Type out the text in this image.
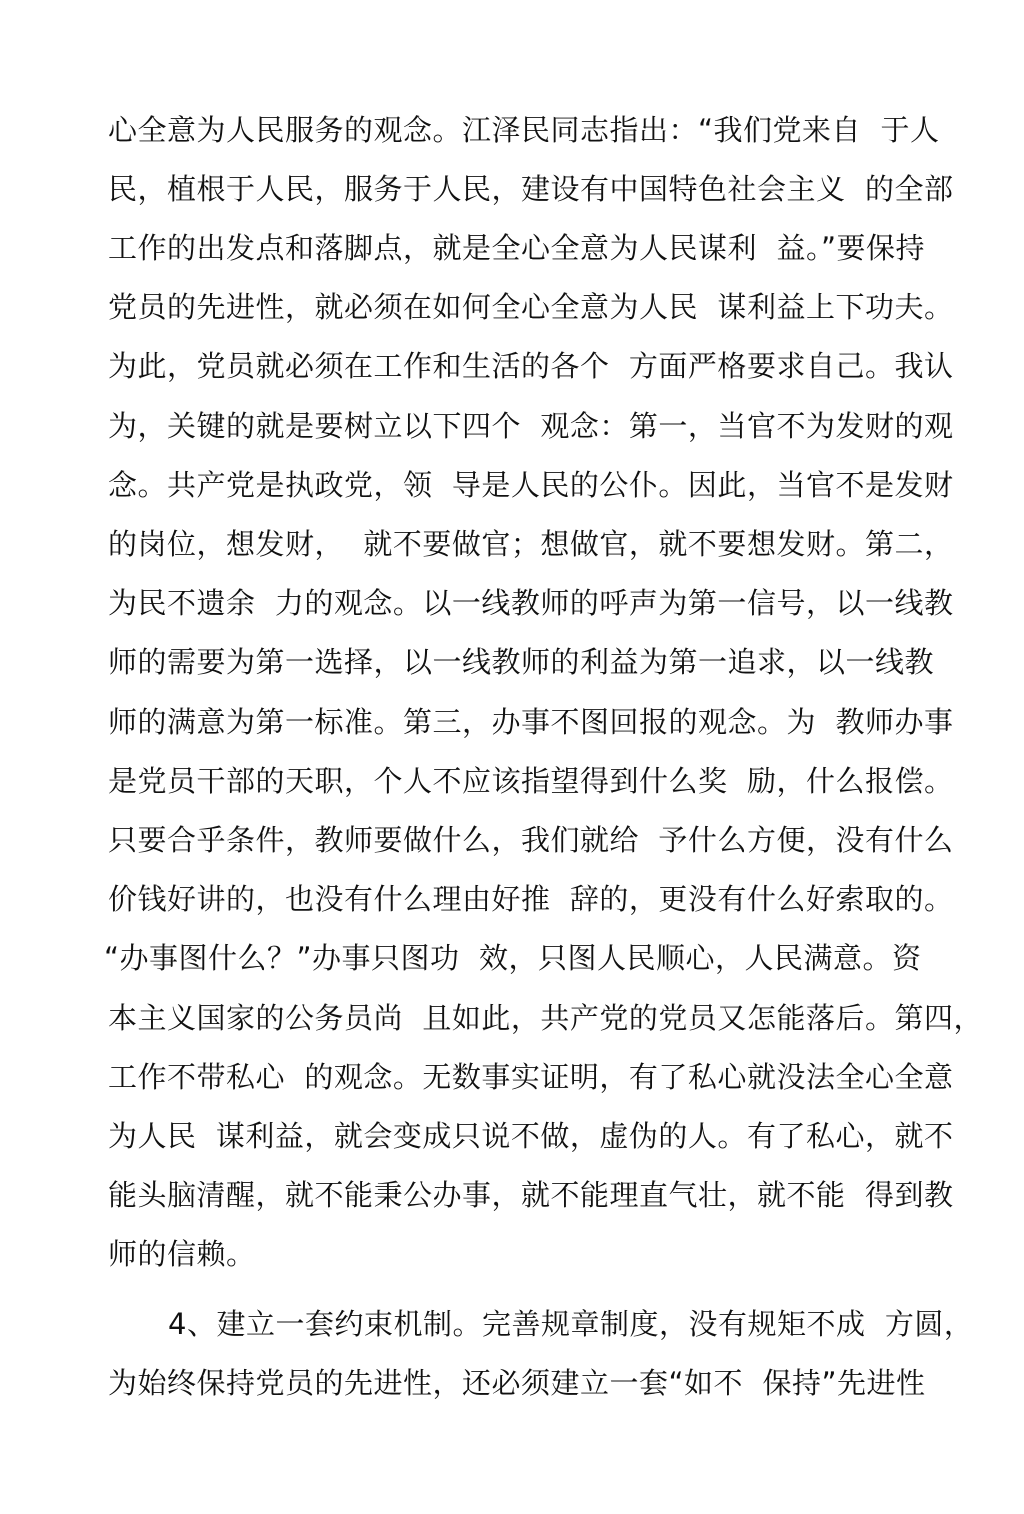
心全意为人民服务的观念。江泽民同志指出：“我们党来自  于人
民，植根于人民，服务于人民，建设有中国特色社会主义  的全部
工作的出发点和落脚点，就是全心全意为人民谋利  益。”要保持
党员的先进性，就必须在如何全心全意为人民  谋利益上下功夫。
为此，党员就必须在工作和生活的各个  方面严格要求自己。我认
为，关键的就是要树立以下四个  观念：第一，当官不为发财的观
念。共产党是执政党，领  导是人民的公仆。因此，当官不是发财
的岗位，想发财，  就不要做官；想做官，就不要想发财。第二，
为民不遗余  力的观念。以一线教师的呼声为第一信号，以一线教
师的需要为第一选择，以一线教师的利益为第一追求，以一线教
师的满意为第一标准。第三，办事不图回报的观念。为  教师办事
是党员干部的天职，个人不应该指望得到什么奖  励，什么报偿。
只要合乎条件，教师要做什么，我们就给  予什么方便，没有什么
价钱好讲的，也没有什么理由好推  辞的，更没有什么好索取的。
“办事图什么？”办事只图功  效，只图人民顺心，人民满意。资
本主义国家的公务员尚  且如此，共产党的党员又怎能落后。第四，
工作不带私心  的观念。无数事实证明，有了私心就没法全心全意
为人民  谋利益，就会变成只说不做，虚伪的人。有了私心，就不
能头脑清醒，就不能秉公办事，就不能理直气壮，就不能  得到教
师的信赖。
4、建立一套约束机制。完善规章制度，没有规矩不成  方圆，
为始终保持党员的先进性，还必须建立一套“如不  保持”先进性
